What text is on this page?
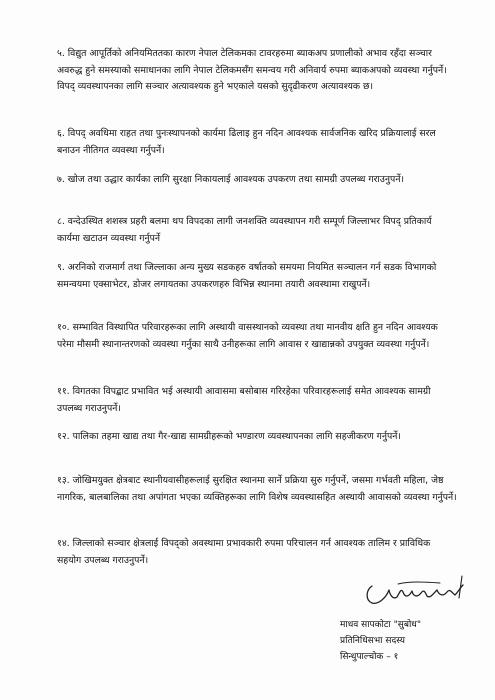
५. विद्युत आपूर्तिको अनियमिततका कारण नेपाल टेलिकमका टावरहरुमा ब्याकअप प्रणालीको अभाव रहँदा सञ्चार अवरुद्ध हुने समस्याको समाधानका लागि नेपाल टेलिकमसँग समन्वय गरी अनिवार्य रुपमा ब्याकअपको व्यवस्था गर्नुपर्ने। विपद् व्यवस्थापनका लागि सञ्चार अत्यावश्यक हुने भएकाले यसको सुदृढीकरण अत्यावश्यक छ।

६. विपद् अवधिमा राहत तथा पुनःस्थापनको कार्यमा ढिलाइ हुन नदिन आवश्यक सार्वजनिक खरिद प्रक्रियालाई सरल बनाउन नीतिगत व्यवस्था गर्नुपर्ने।

७. खोज तथा उद्धार कार्यका लागि सुरक्षा निकायलाई आवश्यक उपकरण तथा सामग्री उपलब्ध गराउनुपर्ने।

८. वन्देउस्थित शशस्त्र प्रहरी बलमा थप विपदका लागी जनशक्ति व्यवस्थापन गरी सम्पूर्ण जिल्लाभर विपद् प्रतिकार्य कार्यमा खटाउन व्यवस्था गर्नुपर्ने

९. अरनिको राजमार्ग तथा जिल्लाका अन्य मुख्य सडकहरु वर्षातको समयमा नियमित सञ्चालन गर्न सडक विभागको समन्वयमा एक्साभेटर, डोजर लगायतका उपकरणहरु विभिन्न स्थानमा तयारी अवस्थामा राखुपर्ने।

१०. सम्भावित विस्थापित परिवारहरूका लागि अस्थायी वासस्थानको व्यवस्था तथा मानवीय क्षति हुन नदिन आवश्यक परेमा मौसमी स्थानान्तरणको व्यवस्था गर्नुका साथै उनीहरूका लागि आवास र खाद्यान्नको उपयुक्त व्यवस्था गर्नुपर्ने।

११. विगतका विपद्बाट प्रभावित भई अस्थायी आवासमा बसोबास गरिरहेका परिवारहरूलाई समेत आवश्यक सामग्री उपलब्ध गराउनुपर्ने।

१२. पालिका तहमा खाद्य तथा गैर-खाद्य सामग्रीहरूको भण्डारण व्यवस्थापनका लागि सहजीकरण गर्नुपर्ने।

१३. जोखिमयुक्त क्षेत्रबाट स्थानीयवासीहरूलाई सुरक्षित स्थानमा सार्ने प्रक्रिया सुरु गर्नुपर्ने, जसमा गर्भवती महिला, जेष्ठ नागरिक, बालबालिका तथा अपांगता भएका व्यक्तिहरूका लागि विशेष व्यवस्थासहित अस्थायी आवासको व्यवस्था गर्नुपर्ने।

१४. जिल्लाको सञ्चार क्षेत्रलाई विपद्को अवस्थामा प्रभावकारी रुपमा परिचालन गर्न आवश्यक तालिम र प्राविधिक सहयोग उपलब्ध गराउनुपर्ने।

माधव सापकोटा "सुबोध"

प्रतिनिधिसभा सदस्य

सिन्धुपाल्चोक – १
